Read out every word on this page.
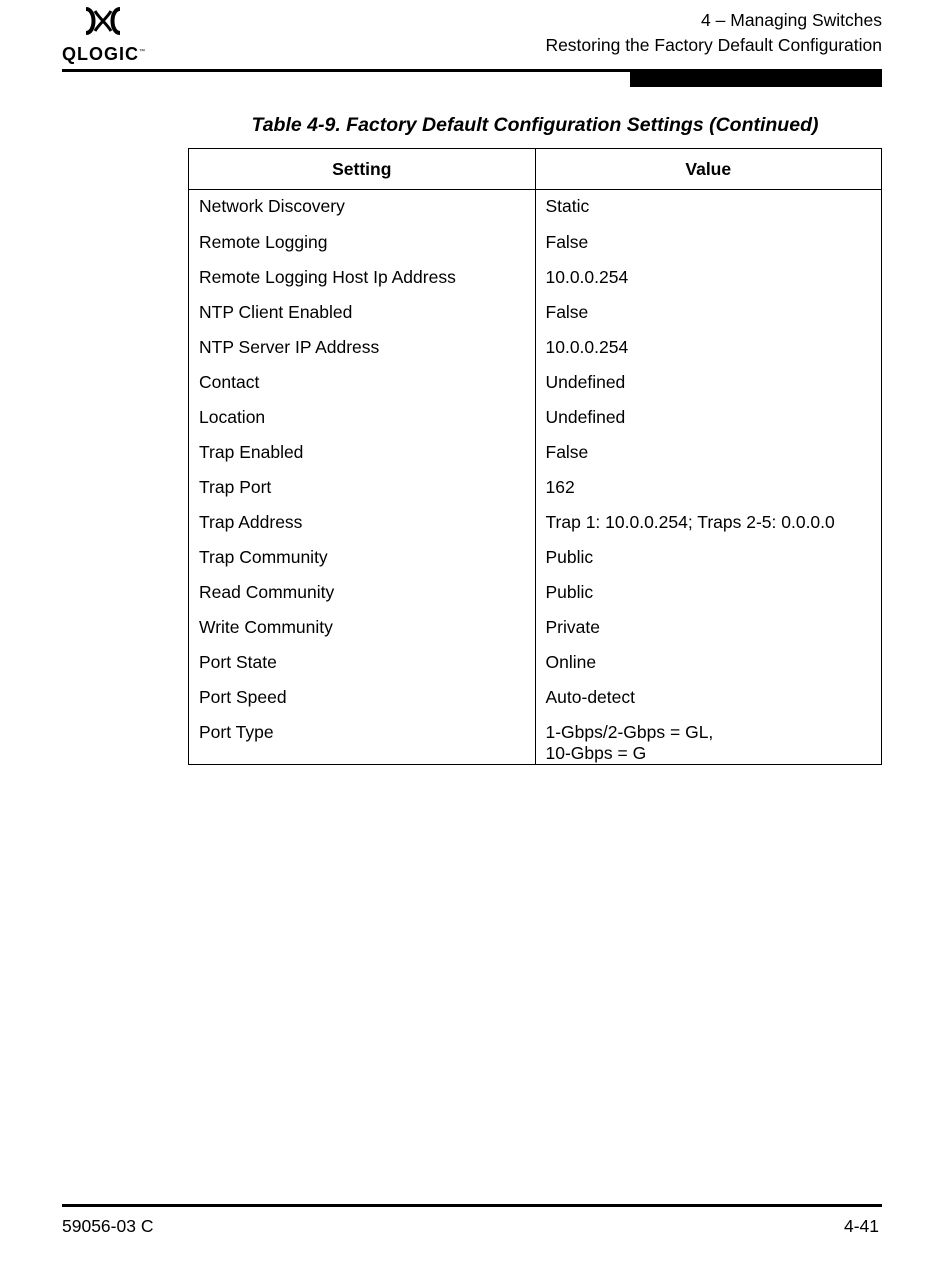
QLOGIC™
4 – Managing Switches
Restoring the Factory Default Configuration
Table 4-9. Factory Default Configuration Settings (Continued)
Setting	Value
Network Discovery	Static
Remote Logging	False
Remote Logging Host Ip Address	10.0.0.254
NTP Client Enabled	False
NTP Server IP Address	10.0.0.254
Contact	Undefined
Location	Undefined
Trap Enabled	False
Trap Port	162
Trap Address	Trap 1: 10.0.0.254; Traps 2-5: 0.0.0.0
Trap Community	Public
Read Community	Public
Write Community	Private
Port State	Online
Port Speed	Auto-detect
Port Type	1-Gbps/2-Gbps = GL,
10-Gbps = G
59056-03 C	4-41
